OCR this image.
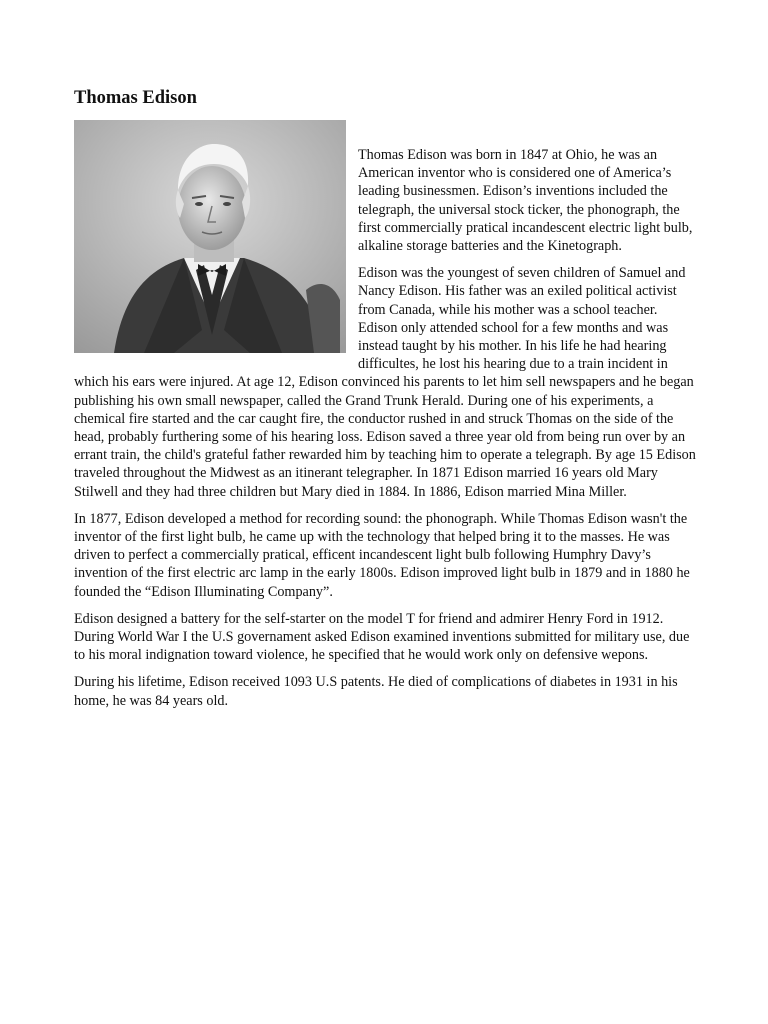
Thomas Edison

Thomas Edison was born in 1847 at Ohio, he was an American inventor who is considered one of America’s leading businessmen. Edison’s inventions included the telegraph, the universal stock ticker, the phonograph, the first commercially pratical incandescent electric light bulb, alkaline storage batteries and the Kinetograph.

Edison was the youngest of seven children of Samuel and Nancy Edison. His father was an exiled political activist from Canada, while his mother was a school teacher. Edison only attended school for a few months and was instead taught by his mother. In his life he had hearing difficultes, he lost his hearing due to a train incident in which his ears were injured. At age 12, Edison convinced his parents to let him sell newspapers and he began publishing his own small newspaper, called the Grand Trunk Herald. During one of his experiments, a chemical fire started and the car caught fire, the conductor rushed in and struck Thomas on the side of the head, probably furthering some of his hearing loss. Edison saved a three year old from being run over by an errant train, the child's grateful father rewarded him by teaching him to operate a telegraph. By age 15 Edison traveled throughout the Midwest as an itinerant telegrapher. In 1871 Edison married 16 years old Mary Stilwell and they had three children but Mary died in 1884. In 1886, Edison married Mina Miller.

In 1877, Edison developed a method for recording sound: the phonograph. While Thomas Edison wasn't the inventor of the first light bulb, he came up with the technology that helped bring it to the masses. He was driven to perfect a commercially pratical, efficent incandescent light bulb following Humphry Davy’s invention of the first electric arc lamp in the early 1800s. Edison improved light bulb in 1879 and in 1880 he founded the “Edison Illuminating Company”.

Edison designed a battery for the self-starter on the model T for friend and admirer Henry Ford in 1912. During World War I the U.S governament asked Edison examined inventions submitted for military use, due to his moral indignation toward violence, he specified that he would work only on defensive wepons.

During his lifetime, Edison received 1093 U.S patents. He died of complications of diabetes in 1931 in his home, he was 84 years old.
